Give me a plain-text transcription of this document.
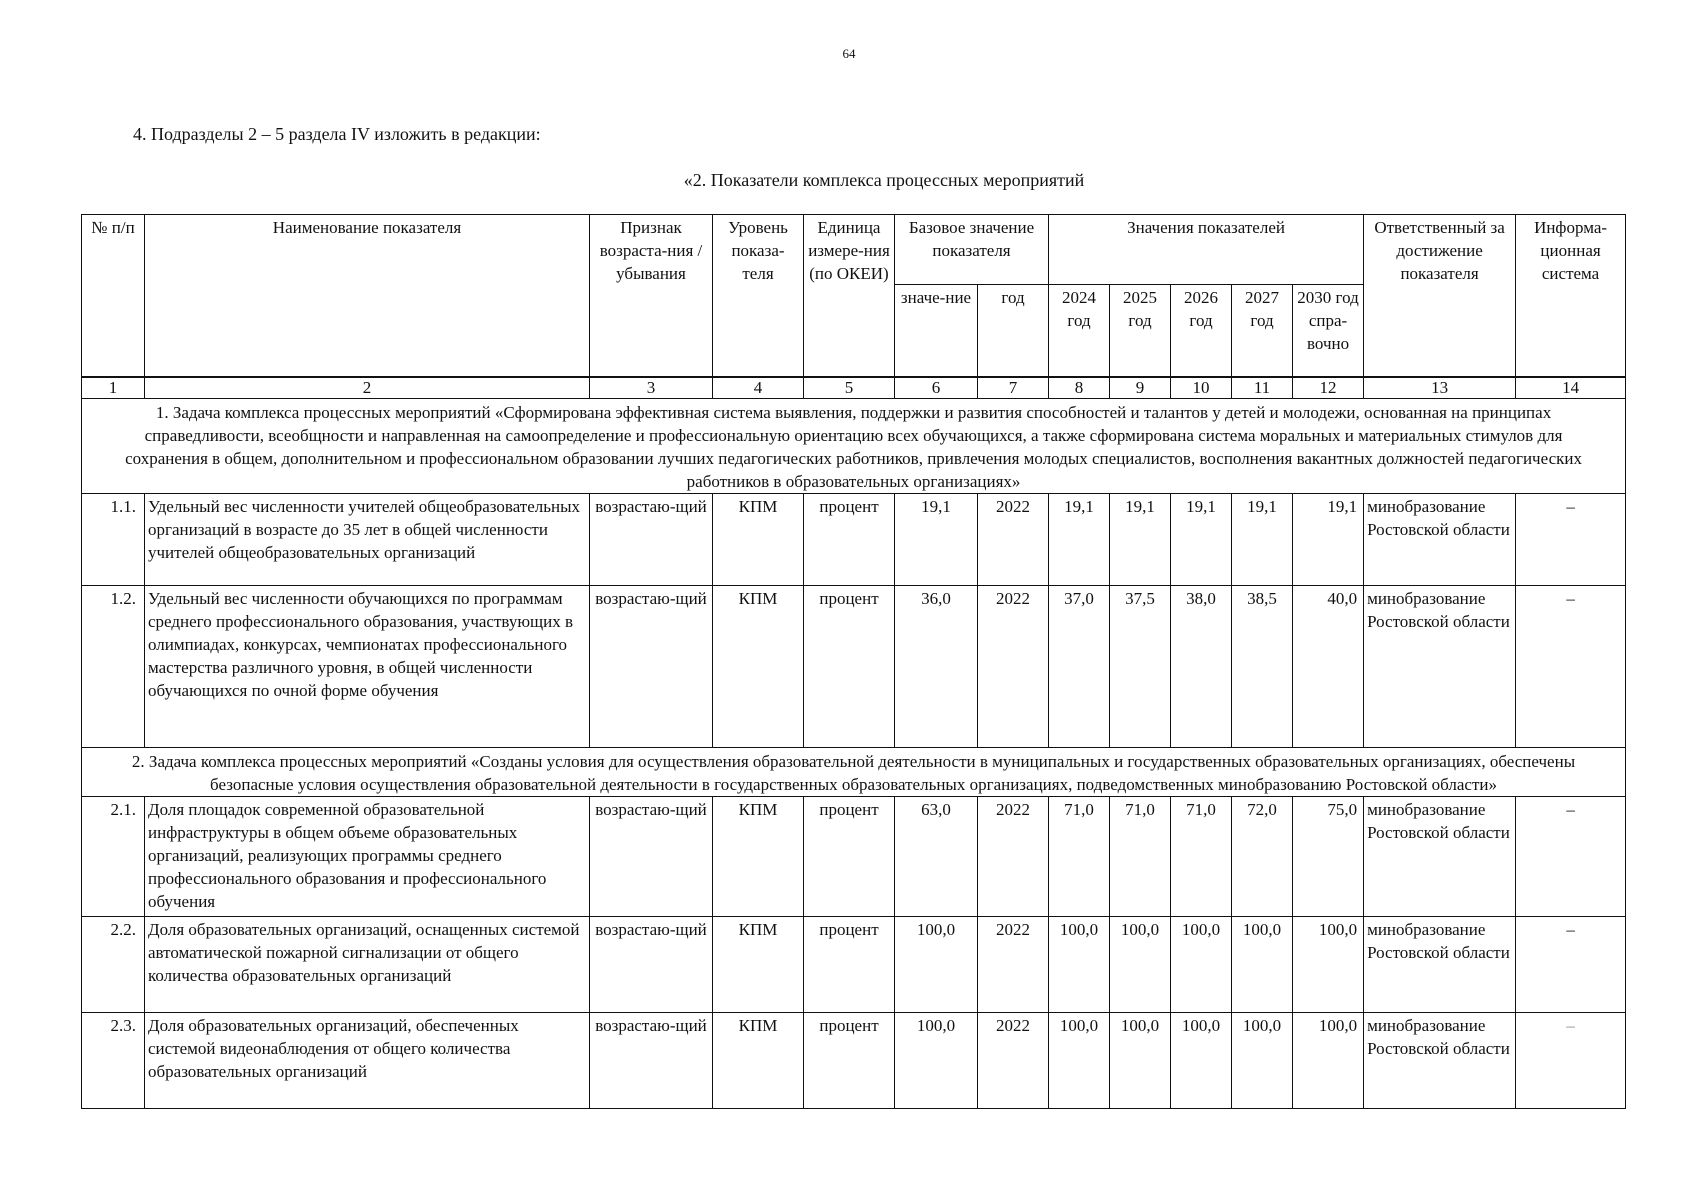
64
4. Подразделы 2 – 5 раздела IV изложить в редакции:
«2. Показатели комплекса процессных мероприятий
№ п/п	Наименование показателя	Признак возраста-ния / убывания	Уровень показа-теля	Единица измере-ния (по ОКЕИ)	Базовое значение показателя		Значения показателей					Ответственный за достижение показателя	Информа-ционная система
					значе-ние	год	2024 год	2025 год	2026 год	2027 год	2030 год спра-вочно		
1	2	3	4	5	6	7	8	9	10	11	12	13	14
1. Задача комплекса процессных мероприятий «Сформирована эффективная система выявления, поддержки и развития способностей и талантов у детей и молодежи, основанная на принципах справедливости, всеобщности и направленная на самоопределение и профессиональную ориентацию всех обучающихся, а также сформирована система моральных и материальных стимулов для сохранения в общем, дополнительном и профессиональном образовании лучших педагогических работников, привлечения молодых специалистов, восполнения вакантных должностей педагогических работников в образовательных организациях»													
1.1.	Удельный вес численности учителей общеобразовательных организаций в возрасте до 35 лет в общей численности учителей общеобразовательных организаций	возрастаю-щий	КПМ	процент	19,1	2022	19,1	19,1	19,1	19,1	19,1	минобразование Ростовской области	–
1.2.	Удельный вес численности обучающихся по программам среднего профессионального образования, участвующих в олимпиадах, конкурсах, чемпионатах профессионального мастерства различного уровня, в общей численности обучающихся по очной форме обучения	возрастаю-щий	КПМ	процент	36,0	2022	37,0	37,5	38,0	38,5	40,0	минобразование Ростовской области	–
2. Задача комплекса процессных мероприятий «Созданы условия для осуществления образовательной деятельности в муниципальных и государственных образовательных организациях, обеспечены безопасные условия осуществления образовательной деятельности в государственных образовательных организациях, подведомственных минобразованию Ростовской области»													
2.1.	Доля площадок современной образовательной инфраструктуры в общем объеме образовательных организаций, реализующих программы среднего профессионального образования и профессионального обучения	возрастаю-щий	КПМ	процент	63,0	2022	71,0	71,0	71,0	72,0	75,0	минобразование Ростовской области	–
2.2.	Доля образовательных организаций, оснащенных системой автоматической пожарной сигнализации от общего количества образовательных организаций	возрастаю-щий	КПМ	процент	100,0	2022	100,0	100,0	100,0	100,0	100,0	минобразование Ростовской области	–
2.3.	Доля образовательных организаций, обеспеченных системой видеонаблюдения от общего количества образовательных организаций	возрастаю-щий	КПМ	процент	100,0	2022	100,0	100,0	100,0	100,0	100,0	минобразование Ростовской области	–
